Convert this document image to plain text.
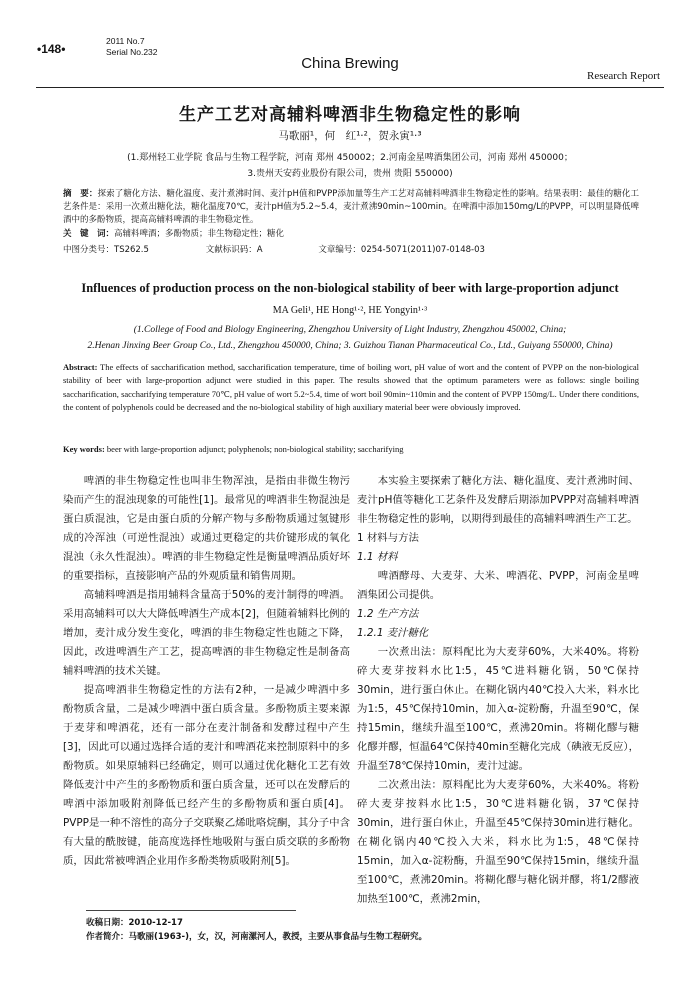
2011 No.7
Serial No.232
•148•
China Brewing
Research Report
生产工艺对高辅料啤酒非生物稳定性的影响
马歌丽¹，何　红¹·²，贺永寅¹·³
(1.郑州轻工业学院 食品与生物工程学院，河南 郑州 450002；2.河南金星啤酒集团公司，河南 郑州 450000；
3.贵州天安药业股份有限公司，贵州 贵阳 550000)
摘　要：探索了糖化方法、糖化温度、麦汁煮沸时间、麦汁pH值和PVPP添加量等生产工艺对高辅料啤酒非生物稳定性的影响。结果表明：最佳的糖化工艺条件是：采用一次煮出糖化法，糖化温度70℃，麦汁pH值为5.2~5.4，麦汁煮沸90min~100min。在啤酒中添加150mg/L的PVPP，可以明显降低啤酒中的多酚物质，提高高辅料啤酒的非生物稳定性。
关　键　词：高辅料啤酒；多酚物质；非生物稳定性；糖化
中图分类号：TS262.5	文献标识码：A	文章编号：0254-5071(2011)07-0148-03
Influences of production process on the non-biological stability of beer with large-proportion adjunct
MA Geli¹, HE Hong¹·², HE Yongyin¹·³
(1.College of Food and Biology Engineering, Zhengzhou University of Light Industry, Zhengzhou 450002, China;
2.Henan Jinxing Beer Group Co., Ltd., Zhengzhou 450000, China; 3. Guizhou Tianan Pharmaceutical Co., Ltd., Guiyang 550000, China)
Abstract: The effects of saccharification method, saccharification temperature, time of boiling wort, pH value of wort and the content of PVPP on the non-biological stability of beer with large-proportion adjunct were studied in this paper. The results showed that the optimum parameters were as follows: single boiling saccharification, saccharifying temperature 70℃, pH value of wort 5.2~5.4, time of wort boil 90min~110min and the content of PVPP 150mg/L. Under there conditions, the content of polyphenols could be decreased and the no-biological stability of high auxiliary material beer were obviously improved.
Key words: beer with large-proportion adjunct; polyphenols; non-biological stability; saccharifying

啤酒的非生物稳定性也叫非生物浑浊，是指由非微生物污染而产生的混浊现象的可能性[1]。最常见的啤酒非生物混浊是蛋白质混浊，它是由蛋白质的分解产物与多酚物质通过氢键形成的冷浑浊（可逆性混浊）或通过更稳定的共价键形成的氧化混浊（永久性混浊）。啤酒的非生物稳定性是衡量啤酒品质好坏的重要指标，直接影响产品的外观质量和销售周期。

高辅料啤酒是指用辅料含量高于50%的麦汁制得的啤酒。采用高辅料可以大大降低啤酒生产成本[2]，但随着辅料比例的增加，麦汁成分发生变化，啤酒的非生物稳定性也随之下降，因此，改进啤酒生产工艺，提高啤酒的非生物稳定性是制备高辅料啤酒的技术关键。

提高啤酒非生物稳定性的方法有2种，一是减少啤酒中多酚物质含量，二是减少啤酒中蛋白质含量。多酚物质主要来源于麦芽和啤酒花，还有一部分在麦汁制备和发酵过程中产生[3]，因此可以通过选择合适的麦汁和啤酒花来控制原料中的多酚物质。如果原辅料已经确定，则可以通过优化糖化工艺有效降低麦汁中产生的多酚物质和蛋白质含量，还可以在发酵后的啤酒中添加吸附剂降低已经产生的多酚物质和蛋白质[4]。PVPP是一种不溶性的高分子交联聚乙烯吡咯烷酮，其分子中含有大量的酰胺键，能高度选择性地吸附与蛋白质交联的多酚物质，因此常被啤酒企业用作多酚类物质吸附剂[5]。

本实验主要探索了糖化方法、糖化温度、麦汁煮沸时间、麦汁pH值等糖化工艺条件及发酵后期添加PVPP对高辅料啤酒非生物稳定性的影响，以期得到最佳的高辅料啤酒生产工艺。

1 材料与方法

1.1 材料

啤酒酵母、大麦芽、大米、啤酒花、PVPP，河南金星啤酒集团公司提供。

1.2 生产方法

1.2.1 麦汁糖化

一次煮出法：原料配比为大麦芽60%，大米40%。将粉碎大麦芽按料水比1:5，45℃进料糖化锅，50℃保持30min，进行蛋白休止。在糊化锅内40℃投入大米，料水比为1:5，45℃保持10min，加入α-淀粉酶，升温至90℃，保持15min，继续升温至100℃，煮沸20min。将糊化醪与糖化醪并醪，恒温64℃保持40min至糖化完成（碘液无反应），升温至78℃保持10min，麦汁过滤。

二次煮出法：原料配比为大麦芽60%，大米40%。将粉碎大麦芽按料水比1:5，30℃进料糖化锅，37℃保持30min，进行蛋白休止，升温至45℃保持30min进行糖化。在糊化锅内40℃投入大米，料水比为1:5，48℃保持15min，加入α-淀粉酶，升温至90℃保持15min，继续升温至100℃，煮沸20min。将糊化醪与糖化锅并醪，将1/2醪液加热至100℃，煮沸2min，

收稿日期：2010-12-17
作者简介：马歌丽(1963-)，女，汉，河南漯河人，教授，主要从事食品与生物工程研究。
